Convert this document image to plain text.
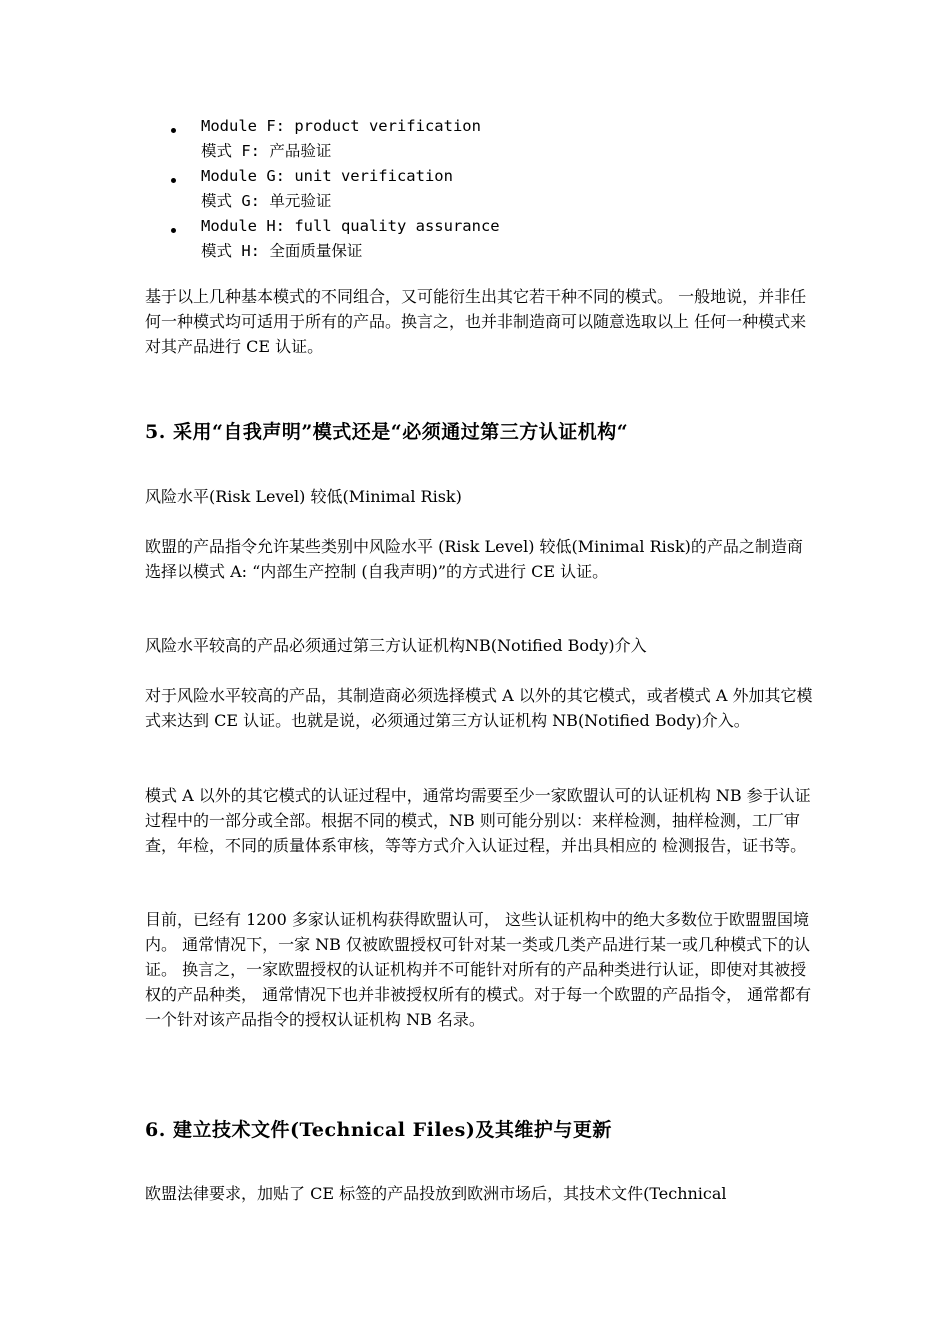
Module F: product verification
模式 F: 产品验证
Module G: unit verification
模式 G: 单元验证
Module H: full quality assurance
模式 H: 全面质量保证

基于以上几种基本模式的不同组合，又可能衍生出其它若干种不同的模式。 一般地说，并非任何一种模式均可适用于所有的产品。换言之，也并非制造商可以随意选取以上 任何一种模式来对其产品进行 CE 认证。

5. 采用“自我声明”模式还是“必须通过第三方认证机构“

风险水平(Risk Level) 较低(Minimal Risk)

欧盟的产品指令允许某些类别中风险水平 (Risk Level) 较低(Minimal Risk)的产品之制造商选择以模式 A: “内部生产控制 (自我声明)”的方式进行 CE 认证。

风险水平较高的产品必须通过第三方认证机构NB(Notified Body)介入

对于风险水平较高的产品，其制造商必须选择模式 A 以外的其它模式，或者模式 A 外加其它模式来达到 CE 认证。也就是说，必须通过第三方认证机构 NB(Notified Body)介入。

模式 A 以外的其它模式的认证过程中，通常均需要至少一家欧盟认可的认证机构 NB 参于认证过程中的一部分或全部。根据不同的模式，NB 则可能分别以：来样检测，抽样检测，工厂审查，年检，不同的质量体系审核，等等方式介入认证过程，并出具相应的 检测报告，证书等。

目前，已经有 1200 多家认证机构获得欧盟认可， 这些认证机构中的绝大多数位于欧盟盟国境内。 通常情况下，一家 NB 仅被欧盟授权可针对某一类或几类产品进行某一或几种模式下的认证。 换言之，一家欧盟授权的认证机构并不可能针对所有的产品种类进行认证，即使对其被授权的产品种类， 通常情况下也并非被授权所有的模式。对于每一个欧盟的产品指令， 通常都有一个针对该产品指令的授权认证机构 NB 名录。

6. 建立技术文件(Technical Files)及其维护与更新

欧盟法律要求，加贴了 CE 标签的产品投放到欧洲市场后，其技术文件(Technical
